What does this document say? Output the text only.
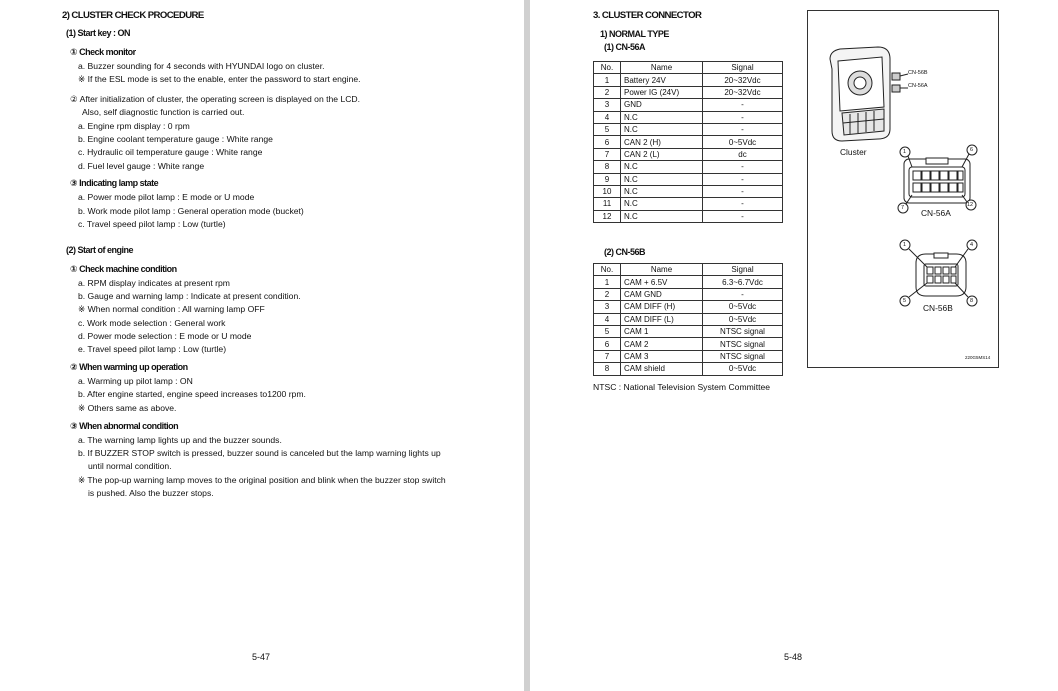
2) CLUSTER CHECK PROCEDURE
(1) Start key : ON
① Check monitor
a. Buzzer sounding for 4 seconds with HYUNDAI logo on cluster.
※ If the ESL mode is set to the enable, enter the password to start engine.
② After initialization of cluster, the operating screen is displayed on the LCD.
Also, self diagnostic function is carried out.
a. Engine rpm display : 0 rpm
b. Engine coolant temperature gauge : White range
c. Hydraulic oil temperature gauge : White range
d. Fuel level gauge : White range
③ Indicating lamp state
a. Power mode pilot lamp : E mode or U mode
b. Work mode pilot lamp : General operation mode (bucket)
c. Travel speed pilot lamp : Low (turtle)
(2) Start of engine
① Check machine condition
a. RPM display indicates at present rpm
b. Gauge and warning lamp : Indicate at present condition.
※ When normal condition : All warning lamp OFF
c. Work mode selection : General work
d. Power mode selection : E mode or U mode
e. Travel speed pilot lamp : Low (turtle)
② When warming up operation
a. Warming up pilot lamp : ON
b. After engine started, engine speed increases to1200 rpm.
※ Others same as above.
③ When abnormal condition
a. The warning lamp lights up and the buzzer sounds.
b. If BUZZER STOP switch is pressed, buzzer sound is canceled but the lamp warning lights up
until normal condition.
※ The pop-up warning lamp moves to the original position and blink when the buzzer stop switch
is pushed. Also the buzzer stops.
5-47
3. CLUSTER CONNECTOR
1) NORMAL TYPE
(1) CN-56A
No.	Name	Signal
1	Battery 24V	20~32Vdc
2	Power IG (24V)	20~32Vdc
3	GND	-
4	N.C	-
5	N.C	-
6	CAN 2 (H)	0~5Vdc
7	CAN 2 (L)	dc
8	N.C	-
9	N.C	-
10	N.C	-
11	N.C	-
12	N.C	-
(2) CN-56B
No.	Name	Signal
1	CAM + 6.5V	6.3~6.7Vdc
2	CAM GND	-
3	CAM DIFF (H)	0~5Vdc
4	CAM DIFF (L)	0~5Vdc
5	CAM 1	NTSC signal
6	CAM 2	NTSC signal
7	CAM 3	NTSC signal
8	CAM shield	0~5Vdc
NTSC : National Television System Committee
CN-56B
CN-56A
Cluster	1	6
7	12
CN-56A
1	4
5	8
CN-56B
220G5MS14
5-48
